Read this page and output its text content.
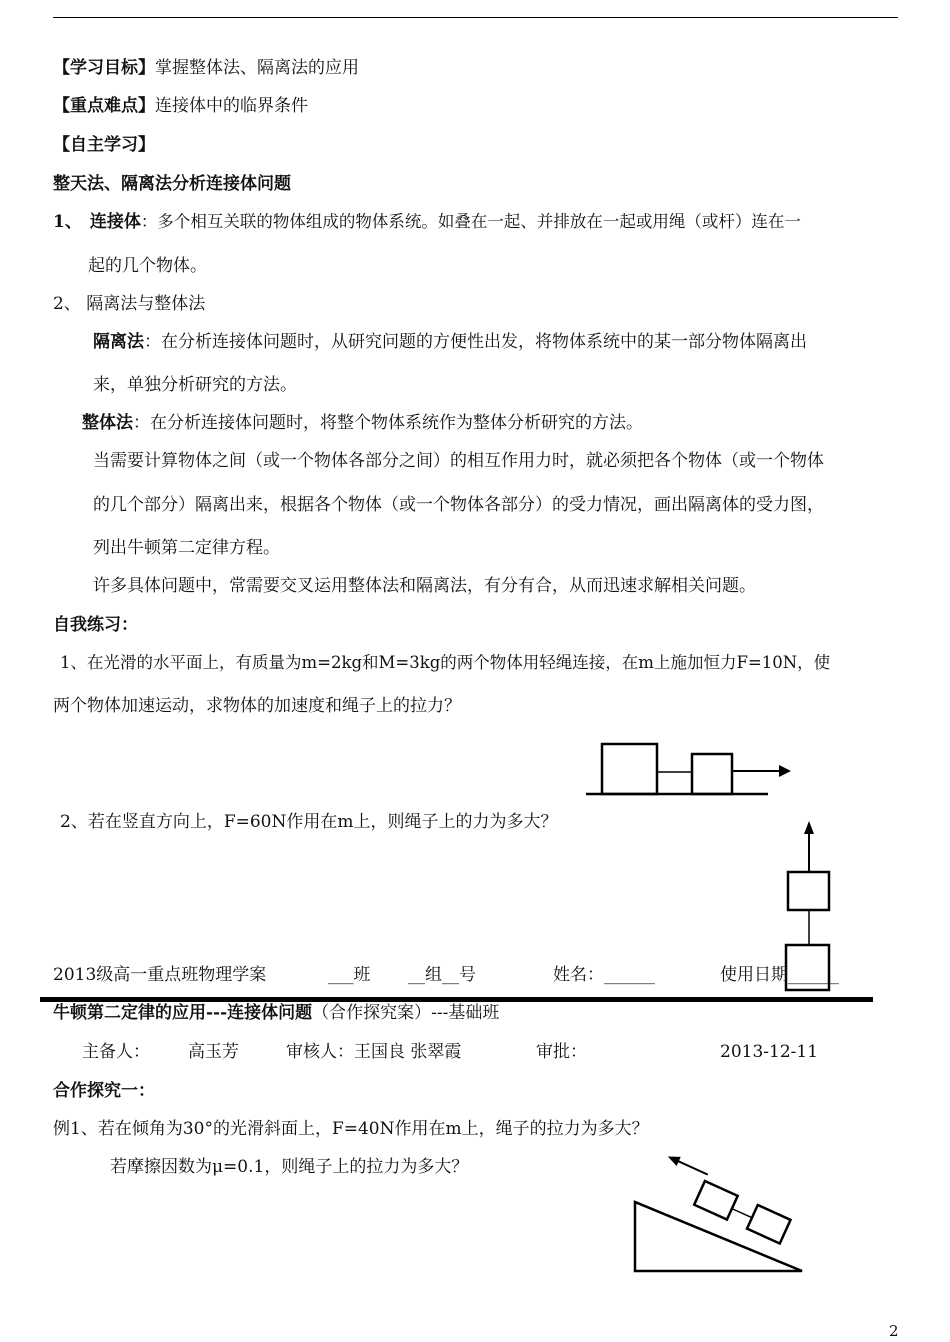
【学习目标】掌握整体法、隔离法的应用
【重点难点】连接体中的临界条件
【自主学习】
整天法、隔离法分析连接体问题
1、 连接体：多个相互关联的物体组成的物体系统。如叠在一起、并排放在一起或用绳（或杆）连在一
起的几个物体。
2、 隔离法与整体法
隔离法：在分析连接体问题时，从研究问题的方便性出发，将物体系统中的某一部分物体隔离出
来，单独分析研究的方法。
整体法：在分析连接体问题时，将整个物体系统作为整体分析研究的方法。
当需要计算物体之间（或一个物体各部分之间）的相互作用力时，就必须把各个物体（或一个物体
的几个部分）隔离出来，根据各个物体（或一个物体各部分）的受力情况，画出隔离体的受力图，
列出牛顿第二定律方程。
许多具体问题中，常需要交叉运用整体法和隔离法，有分有合，从而迅速求解相关问题。
自我练习：
1、在光滑的水平面上，有质量为m=2kg和M=3kg的两个物体用轻绳连接，在m上施加恒力F=10N，使
两个物体加速运动，求物体的加速度和绳子上的拉力？
2、若在竖直方向上，F=60N作用在m上，则绳子上的力为多大？
2013级高一重点班物理学案	___班 __组__号	姓名：______	使用日期______
牛顿第二定律的应用---连接体问题（合作探究案）---基础班
主备人： 高玉芳	审核人：王国良 张翠霞	审批：	2013-12-11
合作探究一：
例1、若在倾角为30°的光滑斜面上，F=40N作用在m上，绳子的拉力为多大？
若摩擦因数为μ=0.1，则绳子上的拉力为多大？
2
